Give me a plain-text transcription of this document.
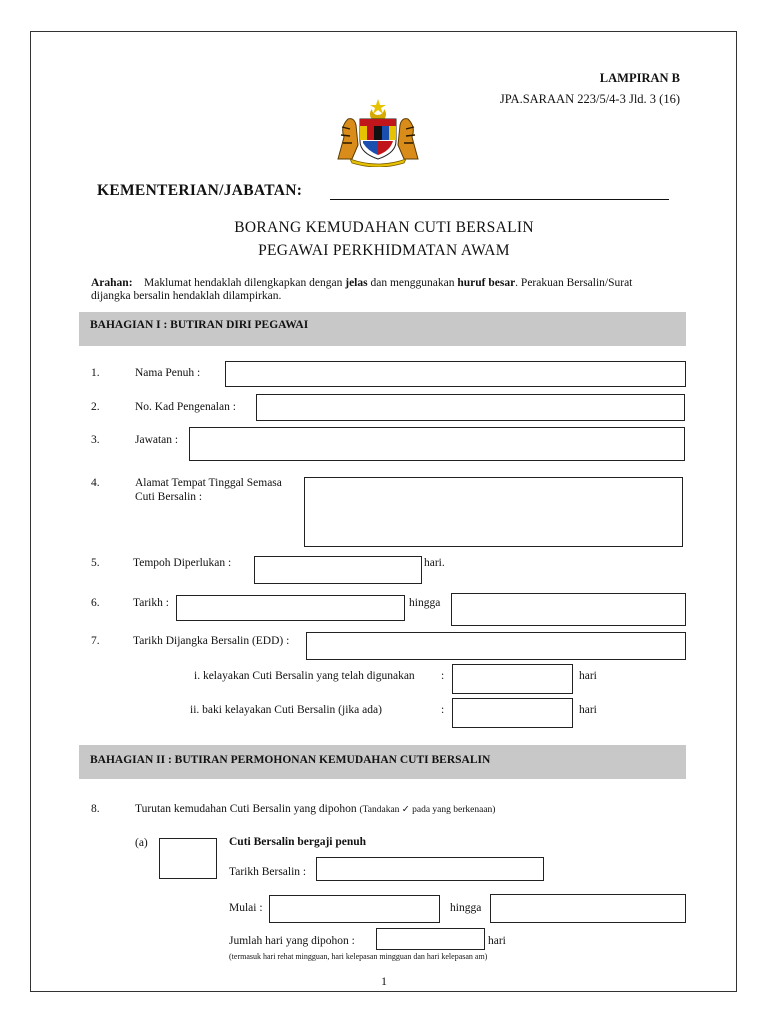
LAMPIRAN B
JPA.SARAAN 223/5/4-3 Jld. 3 (16)
KEMENTERIAN/JABATAN:
BORANG KEMUDAHAN CUTI BERSALIN
PEGAWAI PERKHIDMATAN AWAM
Arahan: Maklumat hendaklah dilengkapkan dengan jelas dan menggunakan huruf besar. Perakuan Bersalin/Surat
dijangka bersalin hendaklah dilampirkan.
BAHAGIAN I : BUTIRAN DIRI PEGAWAI
1.	Nama Penuh :
2.	No. Kad Pengenalan :
3.	Jawatan :
4.	Alamat Tempat Tinggal Semasa
Cuti Bersalin :
5.	Tempoh Diperlukan :	hari.
6.	Tarikh :	hingga
7.	Tarikh Dijangka Bersalin (EDD) :
i. kelayakan Cuti Bersalin yang telah digunakan :	hari
ii. baki kelayakan Cuti Bersalin (jika ada)	:	hari
BAHAGIAN II : BUTIRAN PERMOHONAN KEMUDAHAN CUTI BERSALIN
8.	Turutan kemudahan Cuti Bersalin yang dipohon (Tandakan ✓ pada yang berkenaan)
(a)	Cuti Bersalin bergaji penuh
Tarikh Bersalin :
Mulai :	hingga
Jumlah hari yang dipohon :	hari
(termasuk hari rehat mingguan, hari kelepasan mingguan dan hari kelepasan am)
1
